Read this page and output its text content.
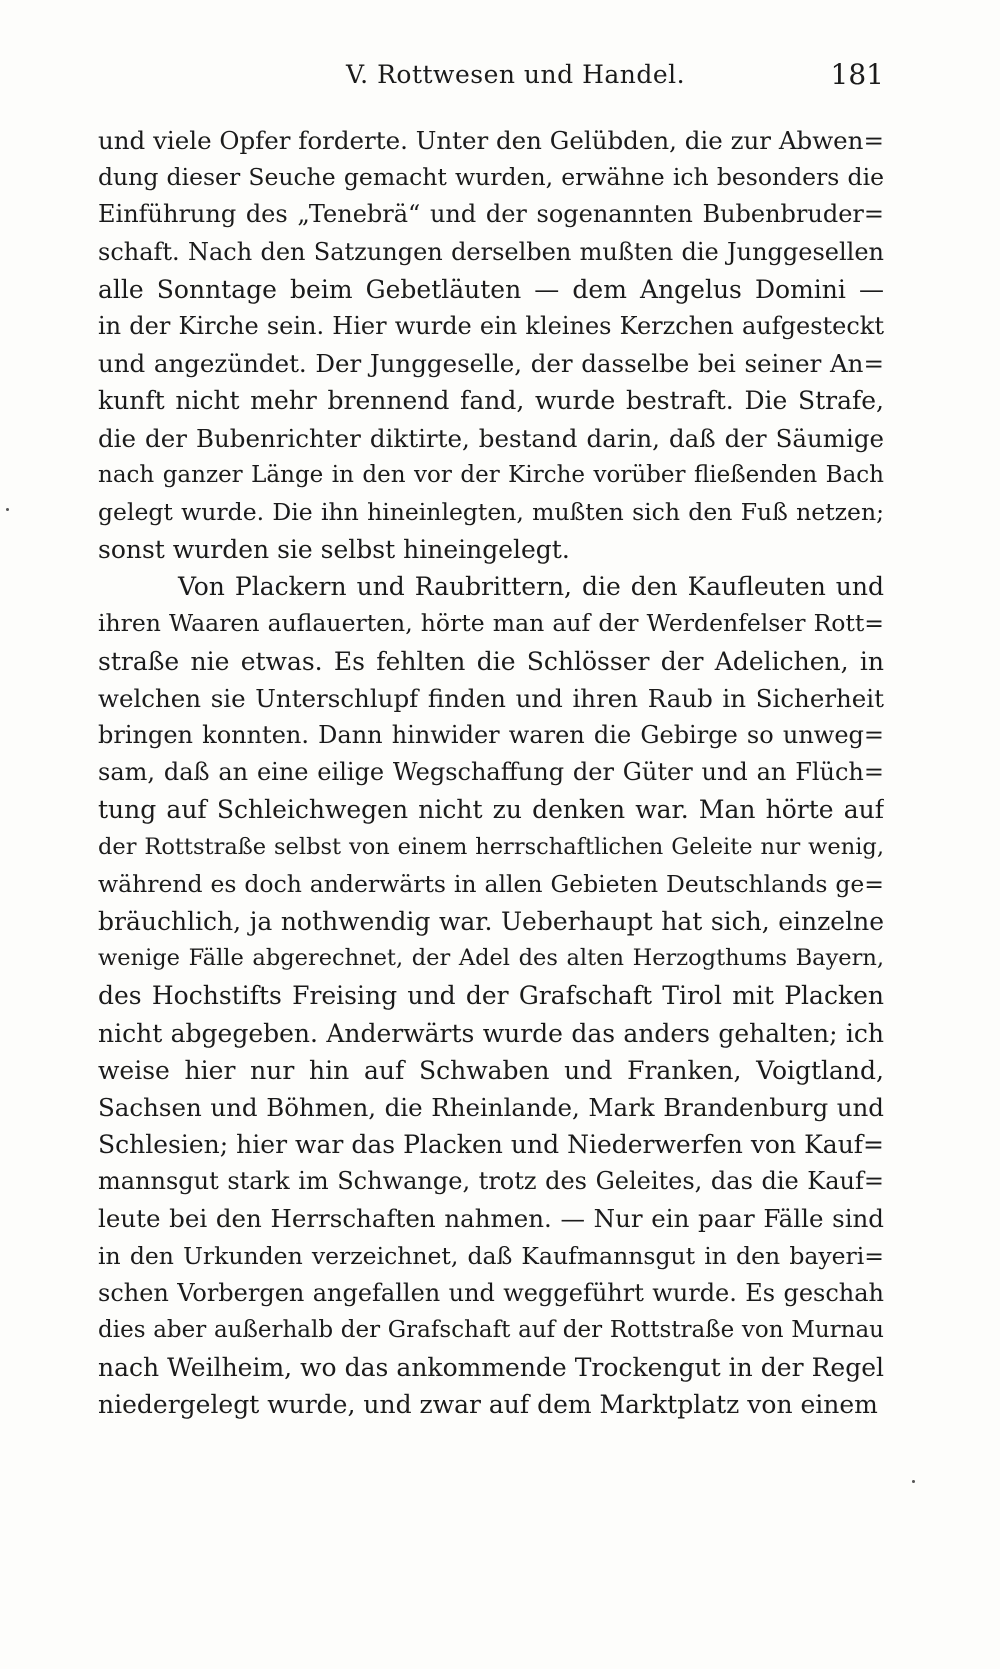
V. Rottwesen und Handel.	181
und viele Opfer forderte. Unter den Gelübden, die zur Abwen=
dung dieser Seuche gemacht wurden, erwähne ich besonders die
Einführung des „Tenebrä“ und der sogenannten Bubenbruder=
schaft. Nach den Satzungen derselben mußten die Junggesellen
alle Sonntage beim Gebetläuten — dem Angelus Domini —
in der Kirche sein. Hier wurde ein kleines Kerzchen aufgesteckt
und angezündet. Der Junggeselle, der dasselbe bei seiner An=
kunft nicht mehr brennend fand, wurde bestraft. Die Strafe,
die der Bubenrichter diktirte, bestand darin, daß der Säumige
nach ganzer Länge in den vor der Kirche vorüber fließenden Bach
gelegt wurde. Die ihn hineinlegten, mußten sich den Fuß netzen;
sonst wurden sie selbst hineingelegt.
Von Plackern und Raubrittern, die den Kaufleuten und
ihren Waaren auflauerten, hörte man auf der Werdenfelser Rott=
straße nie etwas. Es fehlten die Schlösser der Adelichen, in
welchen sie Unterschlupf finden und ihren Raub in Sicherheit
bringen konnten. Dann hinwider waren die Gebirge so unweg=
sam, daß an eine eilige Wegschaffung der Güter und an Flüch=
tung auf Schleichwegen nicht zu denken war. Man hörte auf
der Rottstraße selbst von einem herrschaftlichen Geleite nur wenig,
während es doch anderwärts in allen Gebieten Deutschlands ge=
bräuchlich, ja nothwendig war. Ueberhaupt hat sich, einzelne
wenige Fälle abgerechnet, der Adel des alten Herzogthums Bayern,
des Hochstifts Freising und der Grafschaft Tirol mit Placken
nicht abgegeben. Anderwärts wurde das anders gehalten; ich
weise hier nur hin auf Schwaben und Franken, Voigtland,
Sachsen und Böhmen, die Rheinlande, Mark Brandenburg und
Schlesien; hier war das Placken und Niederwerfen von Kauf=
mannsgut stark im Schwange, trotz des Geleites, das die Kauf=
leute bei den Herrschaften nahmen. — Nur ein paar Fälle sind
in den Urkunden verzeichnet, daß Kaufmannsgut in den bayeri=
schen Vorbergen angefallen und weggeführt wurde. Es geschah
dies aber außerhalb der Grafschaft auf der Rottstraße von Murnau
nach Weilheim, wo das ankommende Trockengut in der Regel
niedergelegt wurde, und zwar auf dem Marktplatz von einem
